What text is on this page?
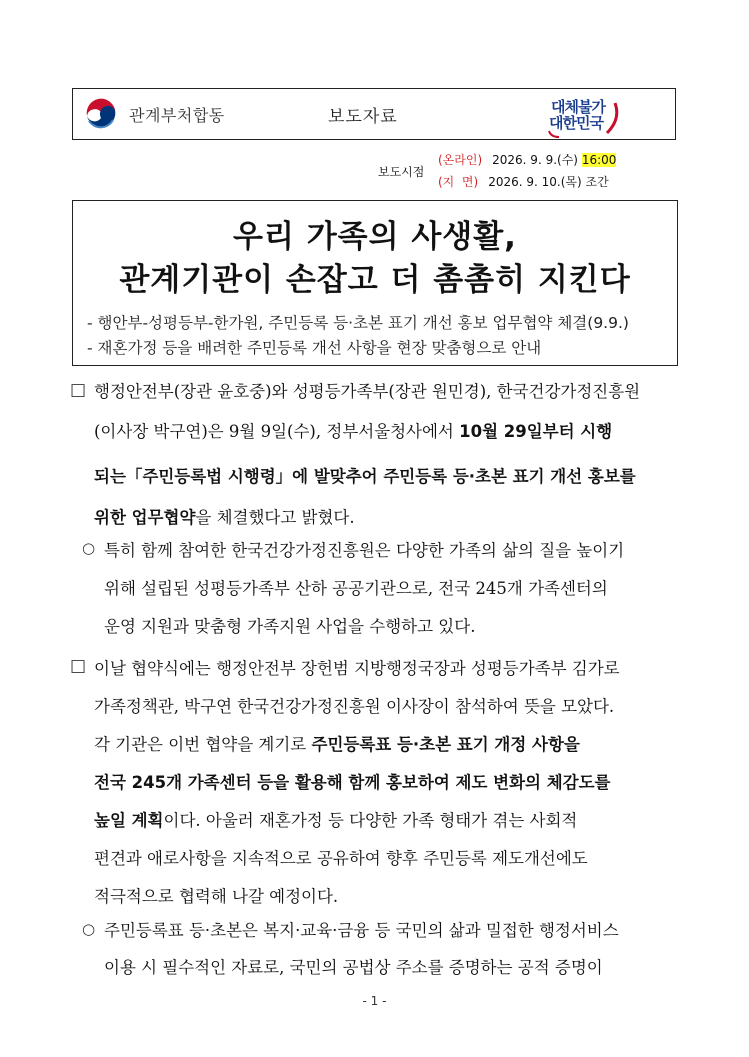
관계부처합동	보도자료	대체불가
대한민국
보도시점
(온라인) 2026. 9. 9.(수) 16:00
(지  면) 2026. 9. 10.(목) 조간
우리 가족의 사생활,
관계기관이 손잡고 더 촘촘히 지킨다
- 행안부-성평등부-한가원, 주민등록 등·초본 표기 개선 홍보 업무협약 체결(9.9.)
- 재혼가정 등을 배려한 주민등록 개선 사항을 현장 맞춤형으로 안내
□ 행정안전부(장관 윤호중)와 성평등가족부(장관 원민경), 한국건강가정진흥원
(이사장 박구연)은 9월 9일(수), 정부서울청사에서 10월 29일부터 시행
되는「주민등록법 시행령」에 발맞추어 주민등록 등·초본 표기 개선 홍보를
위한 업무협약을 체결했다고 밝혔다.
○ 특히 함께 참여한 한국건강가정진흥원은 다양한 가족의 삶의 질을 높이기
위해 설립된 성평등가족부 산하 공공기관으로, 전국 245개 가족센터의
운영 지원과 맞춤형 가족지원 사업을 수행하고 있다.
□ 이날 협약식에는 행정안전부 장헌범 지방행정국장과 성평등가족부 김가로
가족정책관, 박구연 한국건강가정진흥원 이사장이 참석하여 뜻을 모았다.
각 기관은 이번 협약을 계기로 주민등록표 등·초본 표기 개정 사항을
전국 245개 가족센터 등을 활용해 함께 홍보하여 제도 변화의 체감도를
높일 계획이다. 아울러 재혼가정 등 다양한 가족 형태가 겪는 사회적
편견과 애로사항을 지속적으로 공유하여 향후 주민등록 제도개선에도
적극적으로 협력해 나갈 예정이다.
○ 주민등록표 등·초본은 복지·교육·금융 등 국민의 삶과 밀접한 행정서비스
이용 시 필수적인 자료로, 국민의 공법상 주소를 증명하는 공적 증명이
- 1 -
